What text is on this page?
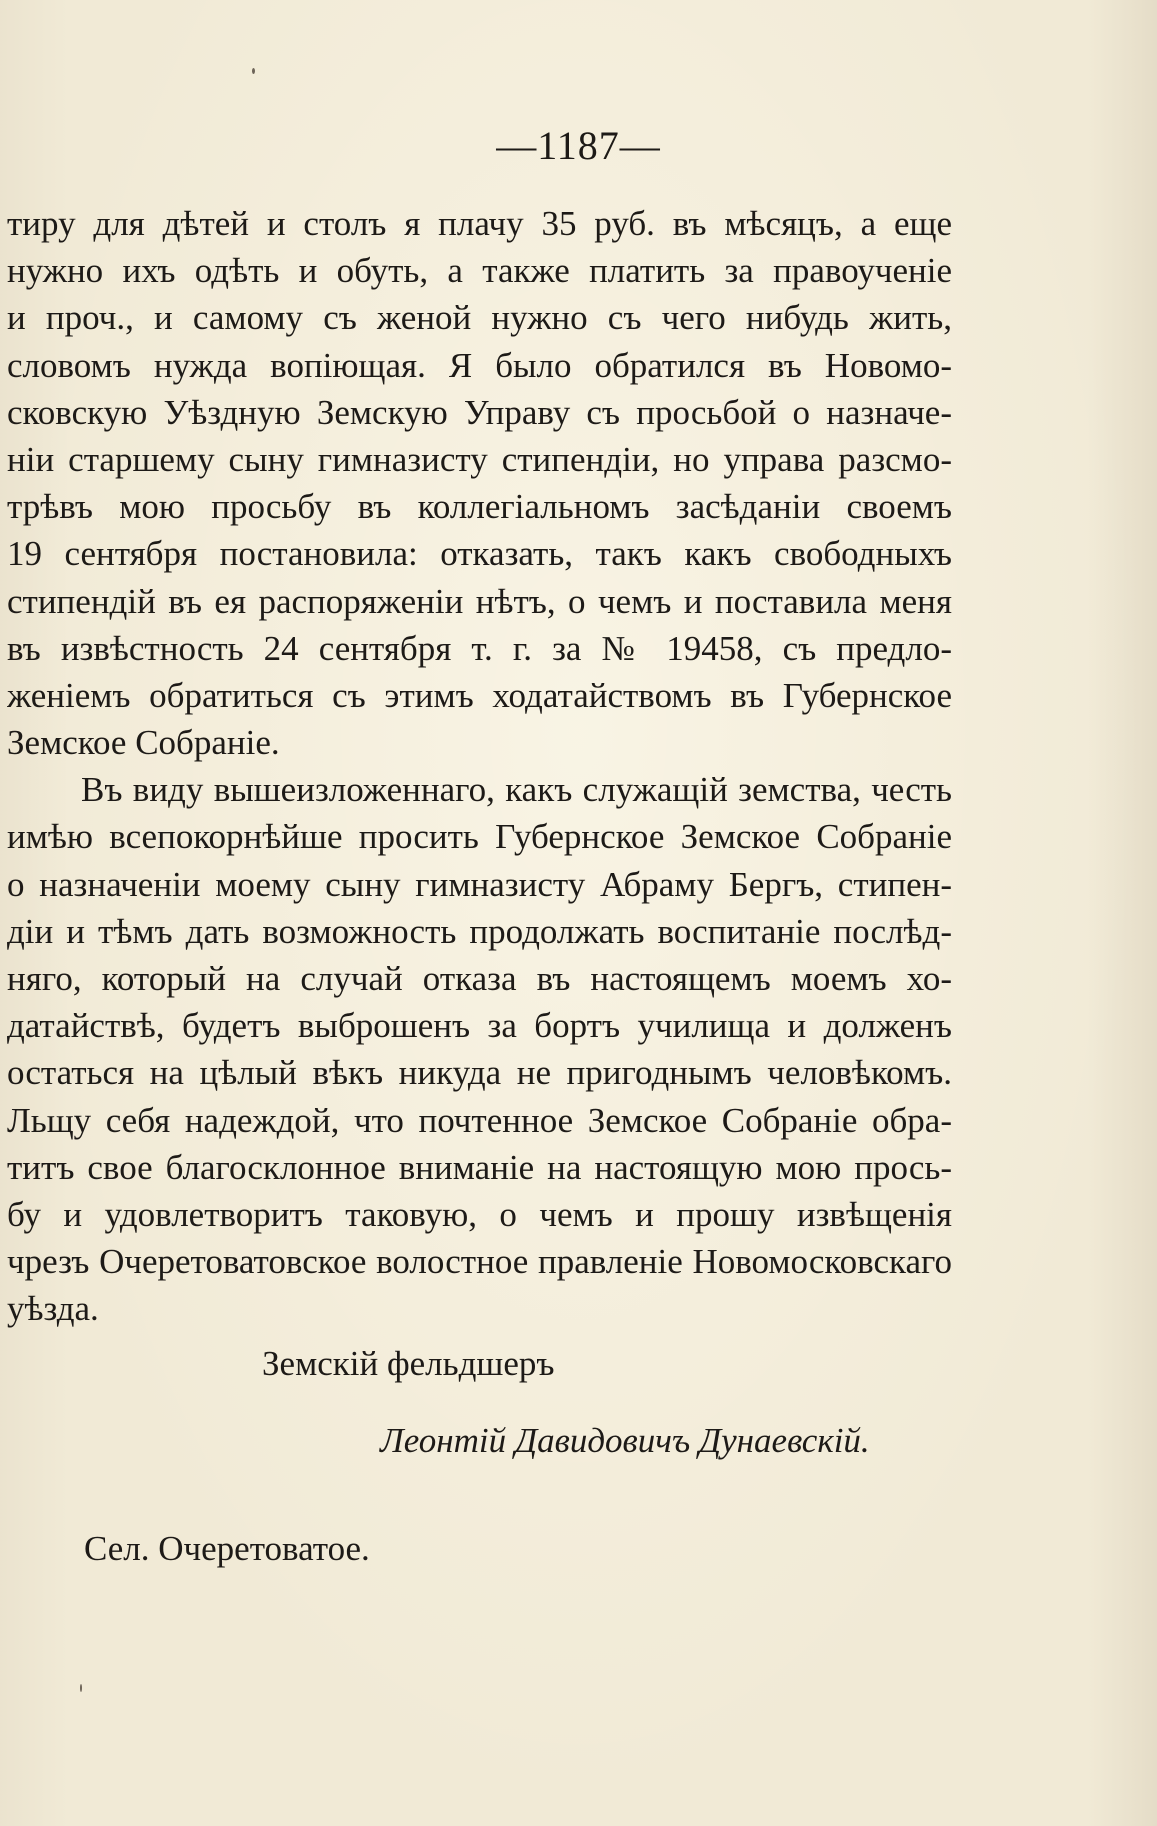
—1187—
тиру для дѣтей и столъ я плачу 35 руб. въ мѣсяцъ, а еще
нужно ихъ одѣть и обуть, а также платить за правоученіе
и проч., и самому съ женой нужно съ чего нибудь жить,
словомъ нужда вопіющая. Я было обратился въ Новомо-
сковскую Уѣздную Земскую Управу съ просьбой о назначе-
ніи старшему сыну гимназисту стипендіи, но управа разсмо-
трѣвъ мою просьбу въ коллегіальномъ засѣданіи своемъ
19 сентября постановила: отказать, такъ какъ свободныхъ
стипендій въ ея распоряженіи нѣтъ, о чемъ и поставила меня
въ извѣстность 24 сентября т. г. за № 19458, съ предло-
женіемъ обратиться съ этимъ ходатайствомъ въ Губернское
Земское Собраніе.
Въ виду вышеизложеннаго, какъ служащій земства, честь
имѣю всепокорнѣйше просить Губернское Земское Собраніе
о назначеніи моему сыну гимназисту Абраму Бергъ, стипен-
діи и тѣмъ дать возможность продолжать воспитаніе послѣд-
няго, который на случай отказа въ настоящемъ моемъ хо-
датайствѣ, будетъ выброшенъ за бортъ училища и долженъ
остаться на цѣлый вѣкъ никуда не пригоднымъ человѣкомъ.
Льщу себя надеждой, что почтенное Земское Собраніе обра-
титъ свое благосклонное вниманіе на настоящую мою прось-
бу и удовлетворитъ таковую, о чемъ и прошу извѣщенія
чрезъ Очеретоватовское волостное правленіе Новомосковскаго
уѣзда.
Земскій фельдшеръ
Леонтій Давидовичъ Дунаевскій.
Сел. Очеретоватое.
